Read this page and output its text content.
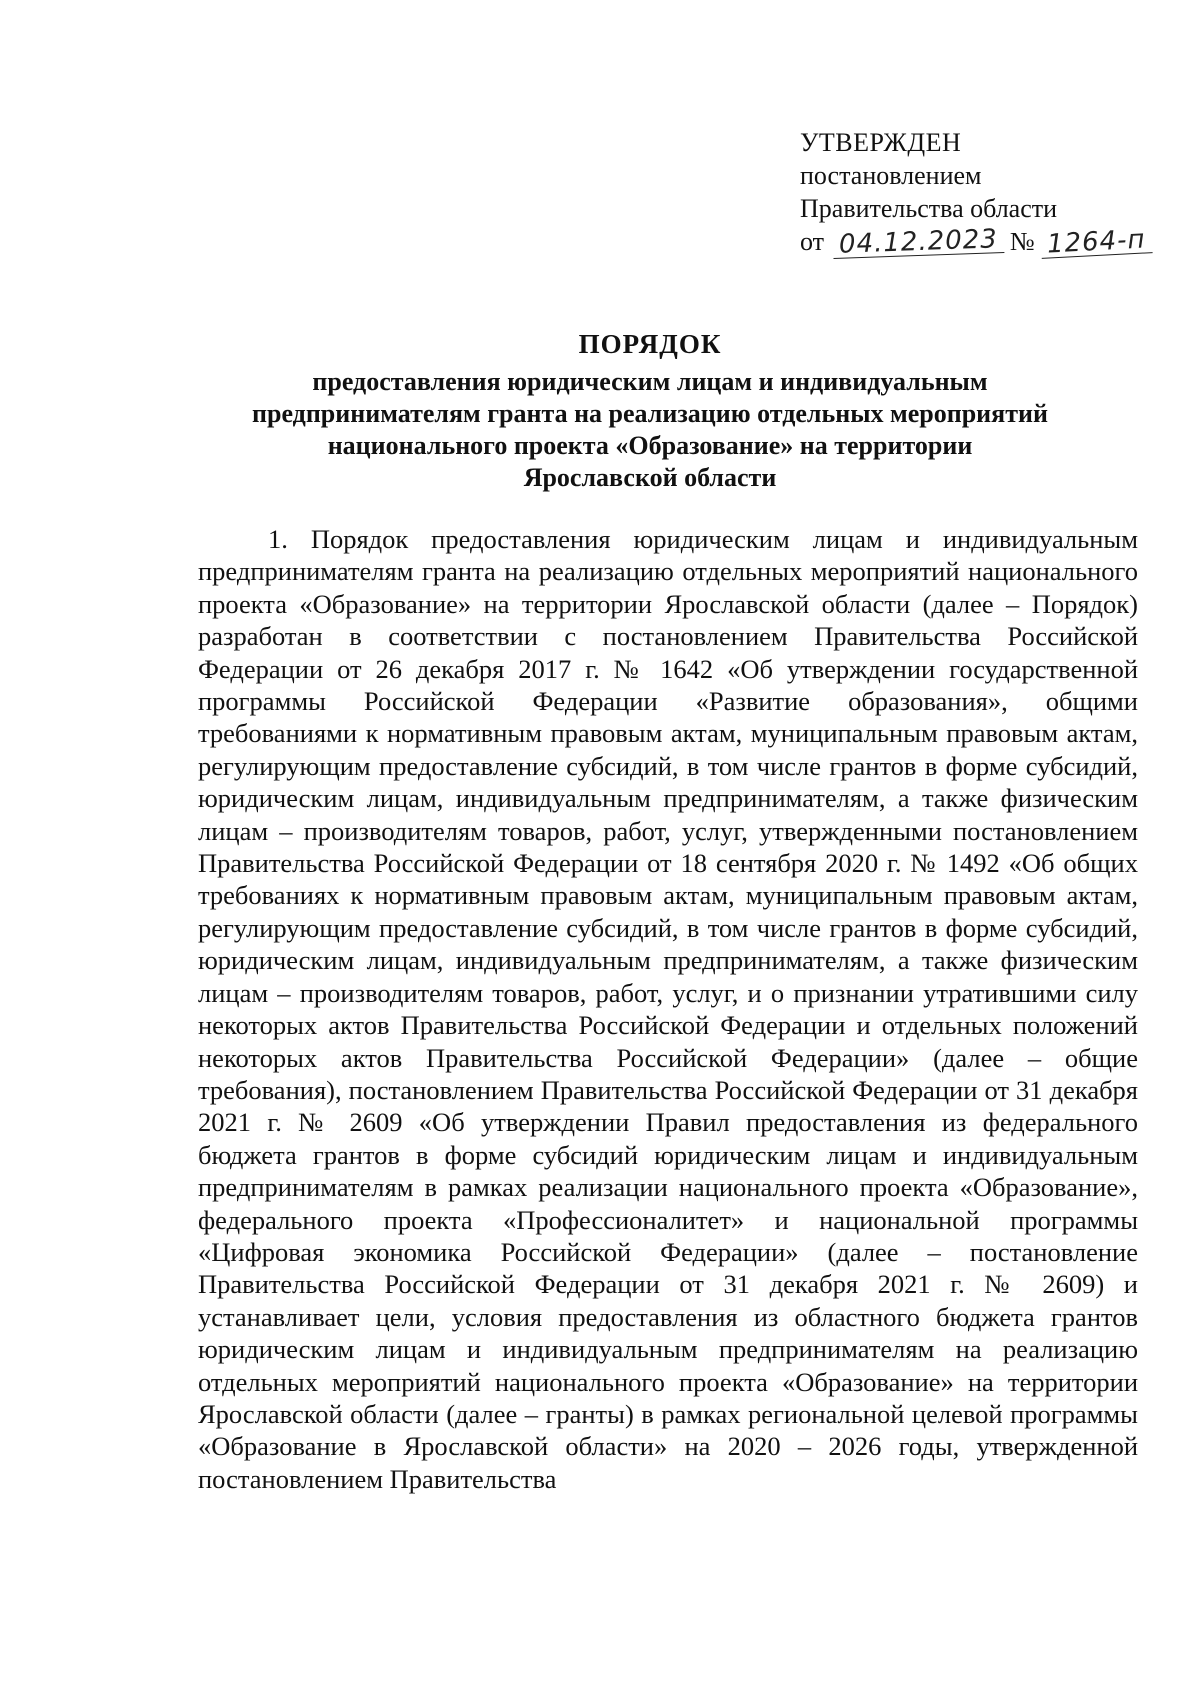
УТВЕРЖДЕН
постановлением
Правительства области
от 04.12.2023 № 1264-п
ПОРЯДОК
предоставления юридическим лицам и индивидуальным
предпринимателям гранта на реализацию отдельных мероприятий
национального проекта «Образование» на территории
Ярославской области
1. Порядок предоставления юридическим лицам и индивидуальным предпринимателям гранта на реализацию отдельных мероприятий национального проекта «Образование» на территории Ярославской области (далее – Порядок) разработан в соответствии с постановлением Правительства Российской Федерации от 26 декабря 2017 г. № 1642 «Об утверждении государственной программы Российской Федерации «Развитие образования», общими требованиями к нормативным правовым актам, муниципальным правовым актам, регулирующим предоставление субсидий, в том числе грантов в форме субсидий, юридическим лицам, индивидуальным предпринимателям, а также физическим лицам – производителям товаров, работ, услуг, утвержденными постановлением Правительства Российской Федерации от 18 сентября 2020 г. № 1492 «Об общих требованиях к нормативным правовым актам, муниципальным правовым актам, регулирующим предоставление субсидий, в том числе грантов в форме субсидий, юридическим лицам, индивидуальным предпринимателям, а также физическим лицам – производителям товаров, работ, услуг, и о признании утратившими силу некоторых актов Правительства Российской Федерации и отдельных положений некоторых актов Правительства Российской Федерации» (далее – общие требования), постановлением Правительства Российской Федерации от 31 декабря 2021 г. № 2609 «Об утверждении Правил предоставления из федерального бюджета грантов в форме субсидий юридическим лицам и индивидуальным предпринимателям в рамках реализации национального проекта «Образование», федерального проекта «Профессионалитет» и национальной программы «Цифровая экономика Российской Федерации» (далее – постановление Правительства Российской Федерации от 31 декабря 2021 г. № 2609) и устанавливает цели, условия предоставления из областного бюджета грантов юридическим лицам и индивидуальным предпринимателям на реализацию отдельных мероприятий национального проекта «Образование» на территории Ярославской области (далее – гранты) в рамках региональной целевой программы «Образование в Ярославской области» на 2020 – 2026 годы, утвержденной постановлением Правительства
